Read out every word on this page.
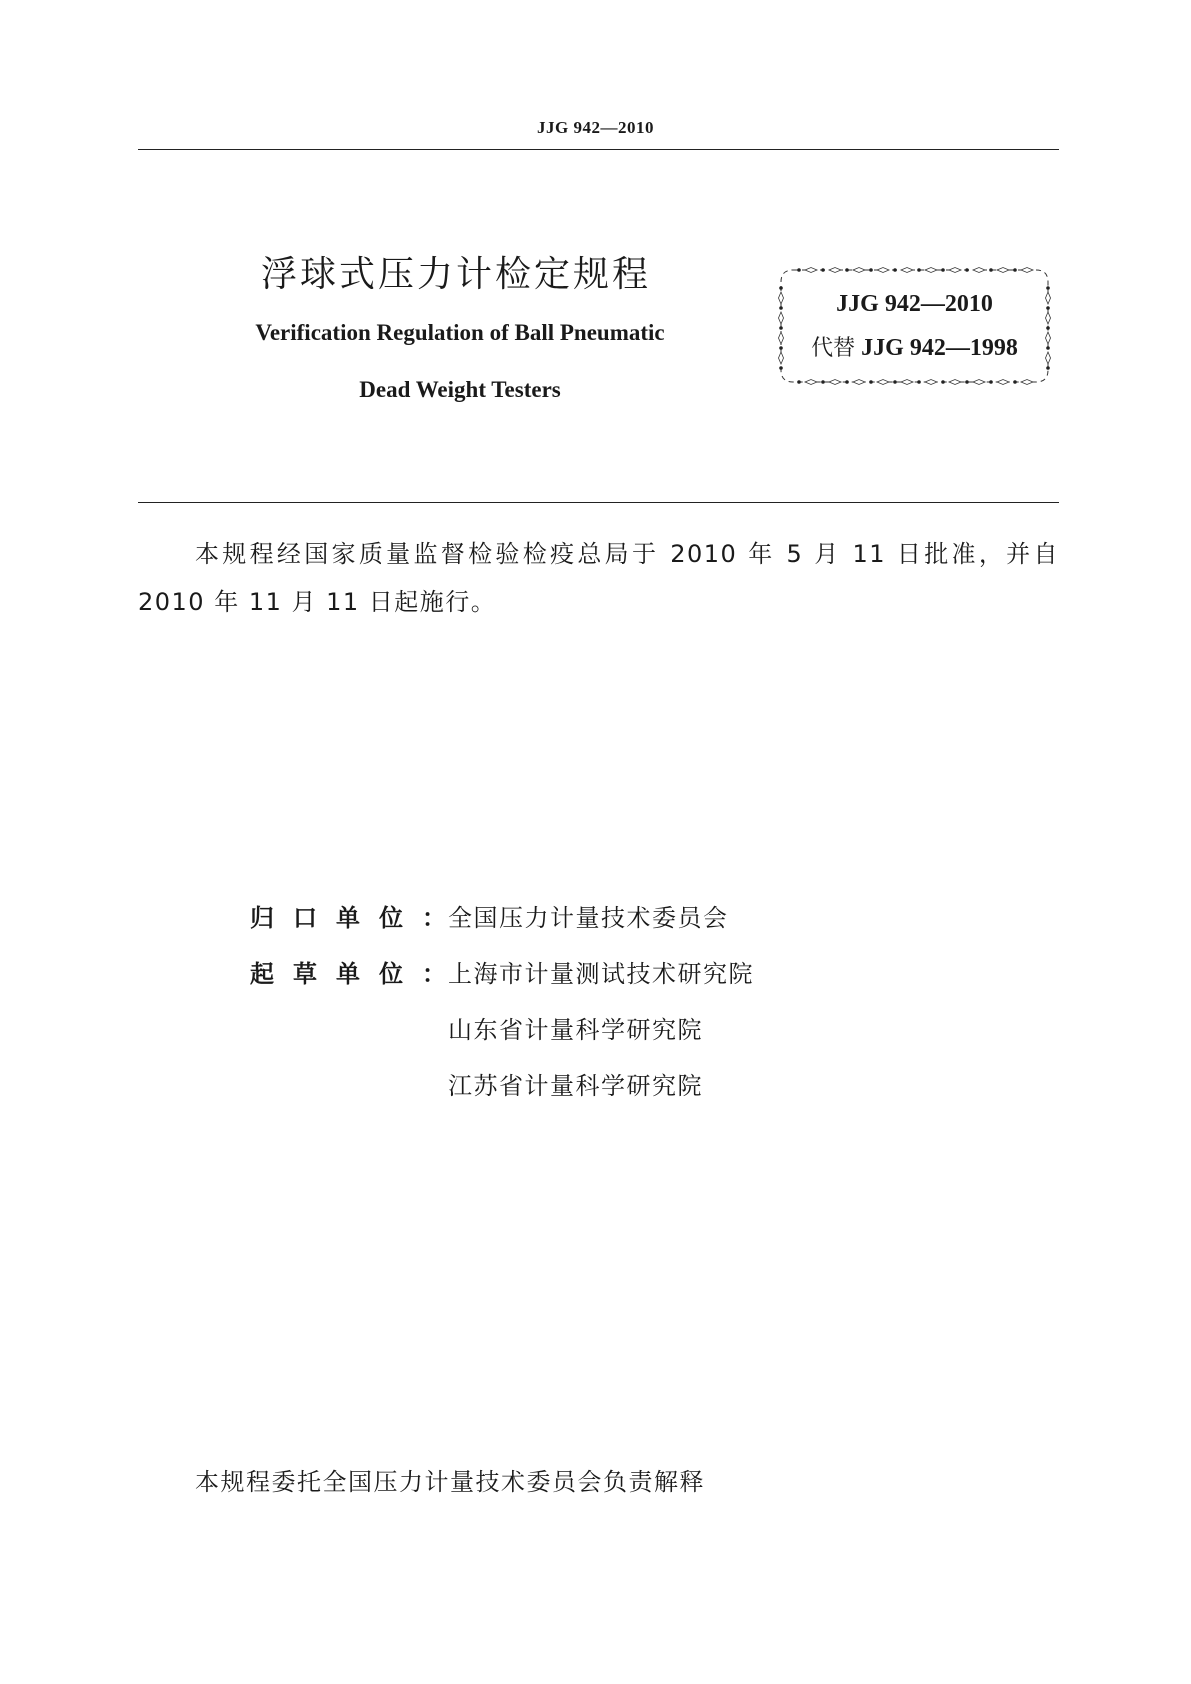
JJG 942—2010
浮球式压力计检定规程
Verification Regulation of Ball Pneumatic
Dead Weight Testers
JJG 942—2010
代替 JJG 942—1998
本规程经国家质量监督检验检疫总局于 2010 年 5 月 11 日批准，并自 2010 年 11 月 11 日起施行。
归口单位：全国压力计量技术委员会
起草单位：上海市计量测试技术研究院
山东省计量科学研究院
江苏省计量科学研究院
本规程委托全国压力计量技术委员会负责解释
